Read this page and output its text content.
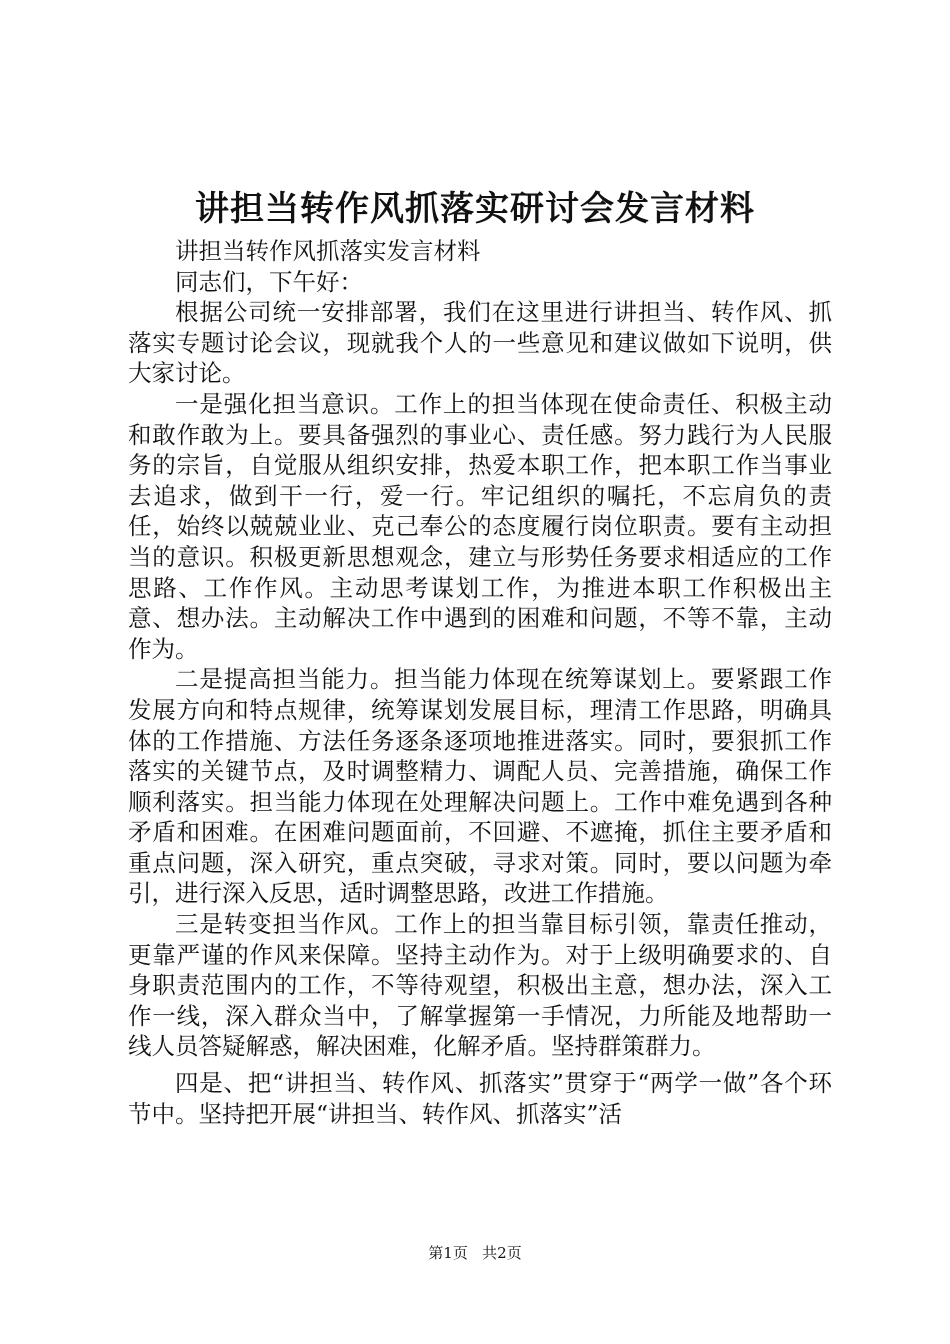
讲担当转作风抓落实研讨会发言材料

讲担当转作风抓落实发言材料

同志们，下午好：

根据公司统一安排部署，我们在这里进行讲担当、转作风、抓落实专题讨论会议，现就我个人的一些意见和建议做如下说明，供大家讨论。

一是强化担当意识。工作上的担当体现在使命责任、积极主动和敢作敢为上。要具备强烈的事业心、责任感。努力践行为人民服务的宗旨，自觉服从组织安排，热爱本职工作，把本职工作当事业去追求，做到干一行，爱一行。牢记组织的嘱托，不忘肩负的责任，始终以兢兢业业、克己奉公的态度履行岗位职责。要有主动担当的意识。积极更新思想观念，建立与形势任务要求相适应的工作思路、工作作风。主动思考谋划工作，为推进本职工作积极出主意、想办法。主动解决工作中遇到的困难和问题，不等不靠，主动作为。

二是提高担当能力。担当能力体现在统筹谋划上。要紧跟工作发展方向和特点规律，统筹谋划发展目标，理清工作思路，明确具体的工作措施、方法任务逐条逐项地推进落实。同时，要狠抓工作落实的关键节点，及时调整精力、调配人员、完善措施，确保工作顺利落实。担当能力体现在处理解决问题上。工作中难免遇到各种矛盾和困难。在困难问题面前，不回避、不遮掩，抓住主要矛盾和重点问题，深入研究，重点突破，寻求对策。同时，要以问题为牵引，进行深入反思，适时调整思路，改进工作措施。

三是转变担当作风。工作上的担当靠目标引领，靠责任推动，更靠严谨的作风来保障。坚持主动作为。对于上级明确要求的、自身职责范围内的工作，不等待观望，积极出主意，想办法，深入工作一线，深入群众当中，了解掌握第一手情况，力所能及地帮助一线人员答疑解惑，解决困难，化解矛盾。坚持群策群力。

四是、把“讲担当、转作风、抓落实”贯穿于“两学一做”各个环节中。坚持把开展“讲担当、转作风、抓落实”活

第1页 共2页
